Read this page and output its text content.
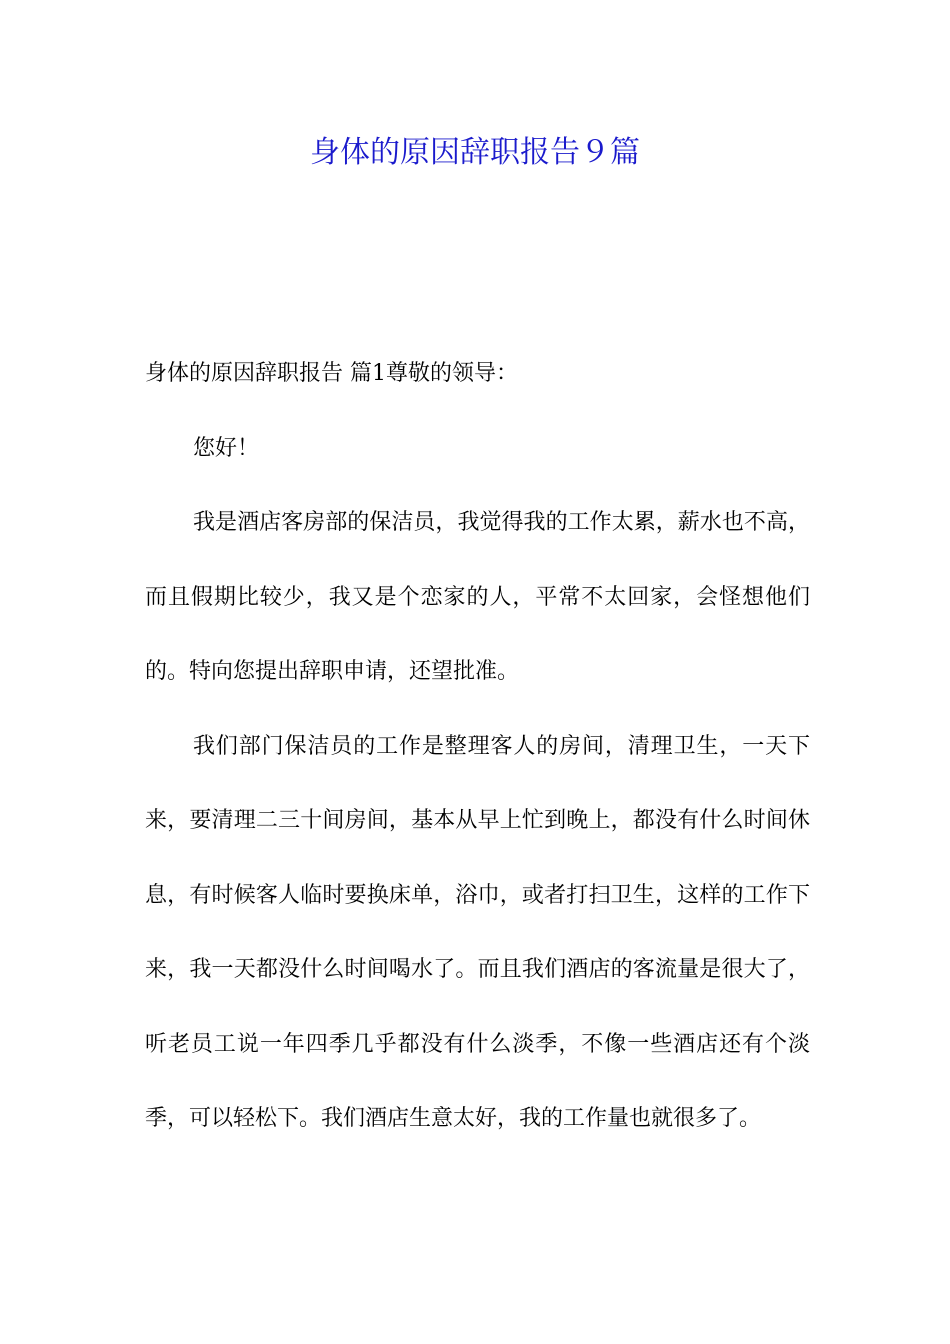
身体的原因辞职报告９篇

身体的原因辞职报告 篇1尊敬的领导：

您好！

我是酒店客房部的保洁员，我觉得我的工作太累，薪水也不高，而且假期比较少，我又是个恋家的人，平常不太回家，会怪想他们的。特向您提出辞职申请，还望批准。

我们部门保洁员的工作是整理客人的房间，清理卫生，一天下来，要清理二三十间房间，基本从早上忙到晚上，都没有什么时间休息，有时候客人临时要换床单，浴巾，或者打扫卫生，这样的工作下来，我一天都没什么时间喝水了。而且我们酒店的客流量是很大了，听老员工说一年四季几乎都没有什么淡季，不像一些酒店还有个淡季，可以轻松下。我们酒店生意太好，我的工作量也就很多了。
